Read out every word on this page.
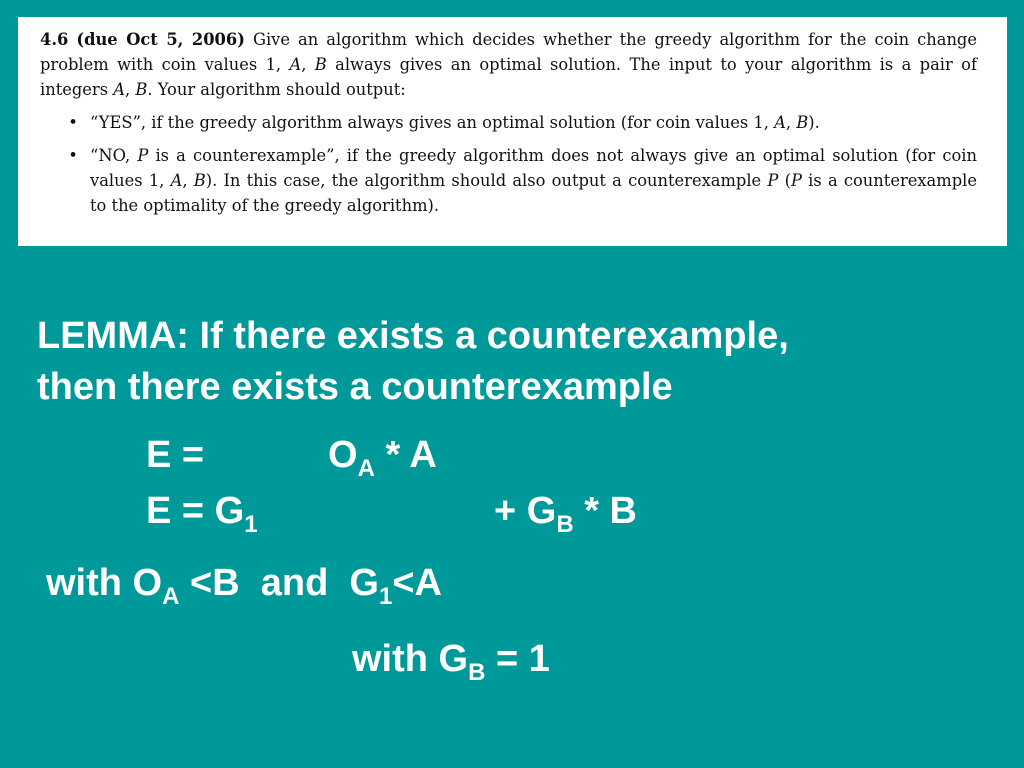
4.6 (due Oct 5, 2006) Give an algorithm which decides whether the greedy algorithm for the coin change problem with coin values 1, A, B always gives an optimal solution. The input to your algorithm is a pair of integers A, B. Your algorithm should output:

• “YES”, if the greedy algorithm always gives an optimal solution (for coin values 1, A, B).
• “NO, P is a counterexample”, if the greedy algorithm does not always give an optimal solution (for coin values 1, A, B). In this case, the algorithm should also output a counterexample P (P is a counterexample to the optimality of the greedy algorithm).
LEMMA: If there exists a counterexample,
then there exists a counterexample
E =	$O_A$ * A
$E = G_1$	+ $G_B$ * B
with $O_A <B$  and  $G_1<A$
with $G_B = 1$
